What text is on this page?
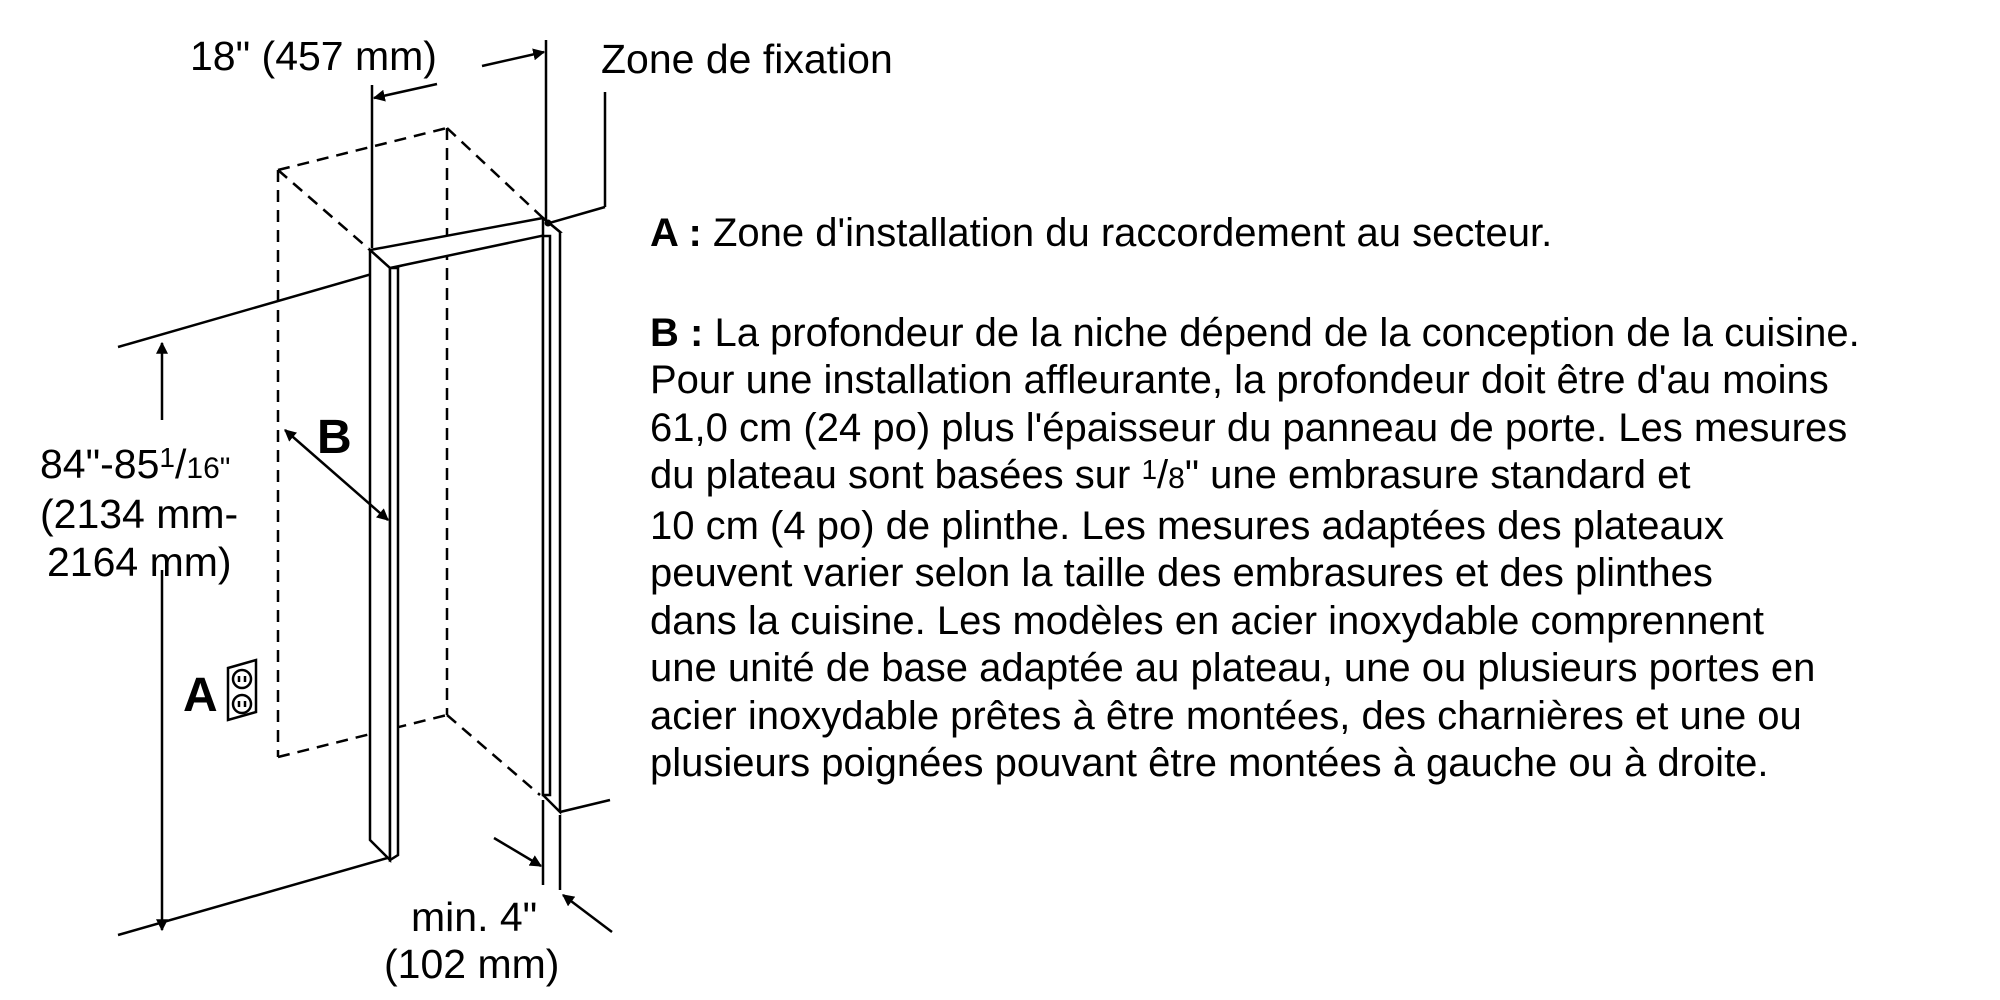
18" (457 mm)	Zone de fixation
$84"-85^1/16$"
(2134 mm-
2164 mm)
B
A
min. 4"
(102 mm)

A : Zone d'installation du raccordement au secteur.

B : La profondeur de la niche dépend de la conception de la cuisine.

Pour une installation affleurante, la profondeur doit être d'au moins

61,0 cm (24 po) plus l'épaisseur du panneau de porte. Les mesures

du plateau sont basées sur $^1$/8" une embrasure standard et

10 cm (4 po) de plinthe. Les mesures adaptées des plateaux

peuvent varier selon la taille des embrasures et des plinthes

dans la cuisine. Les modèles en acier inoxydable comprennent

une unité de base adaptée au plateau, une ou plusieurs portes en

acier inoxydable prêtes à être montées, des charnières et une ou

plusieurs poignées pouvant être montées à gauche ou à droite.
